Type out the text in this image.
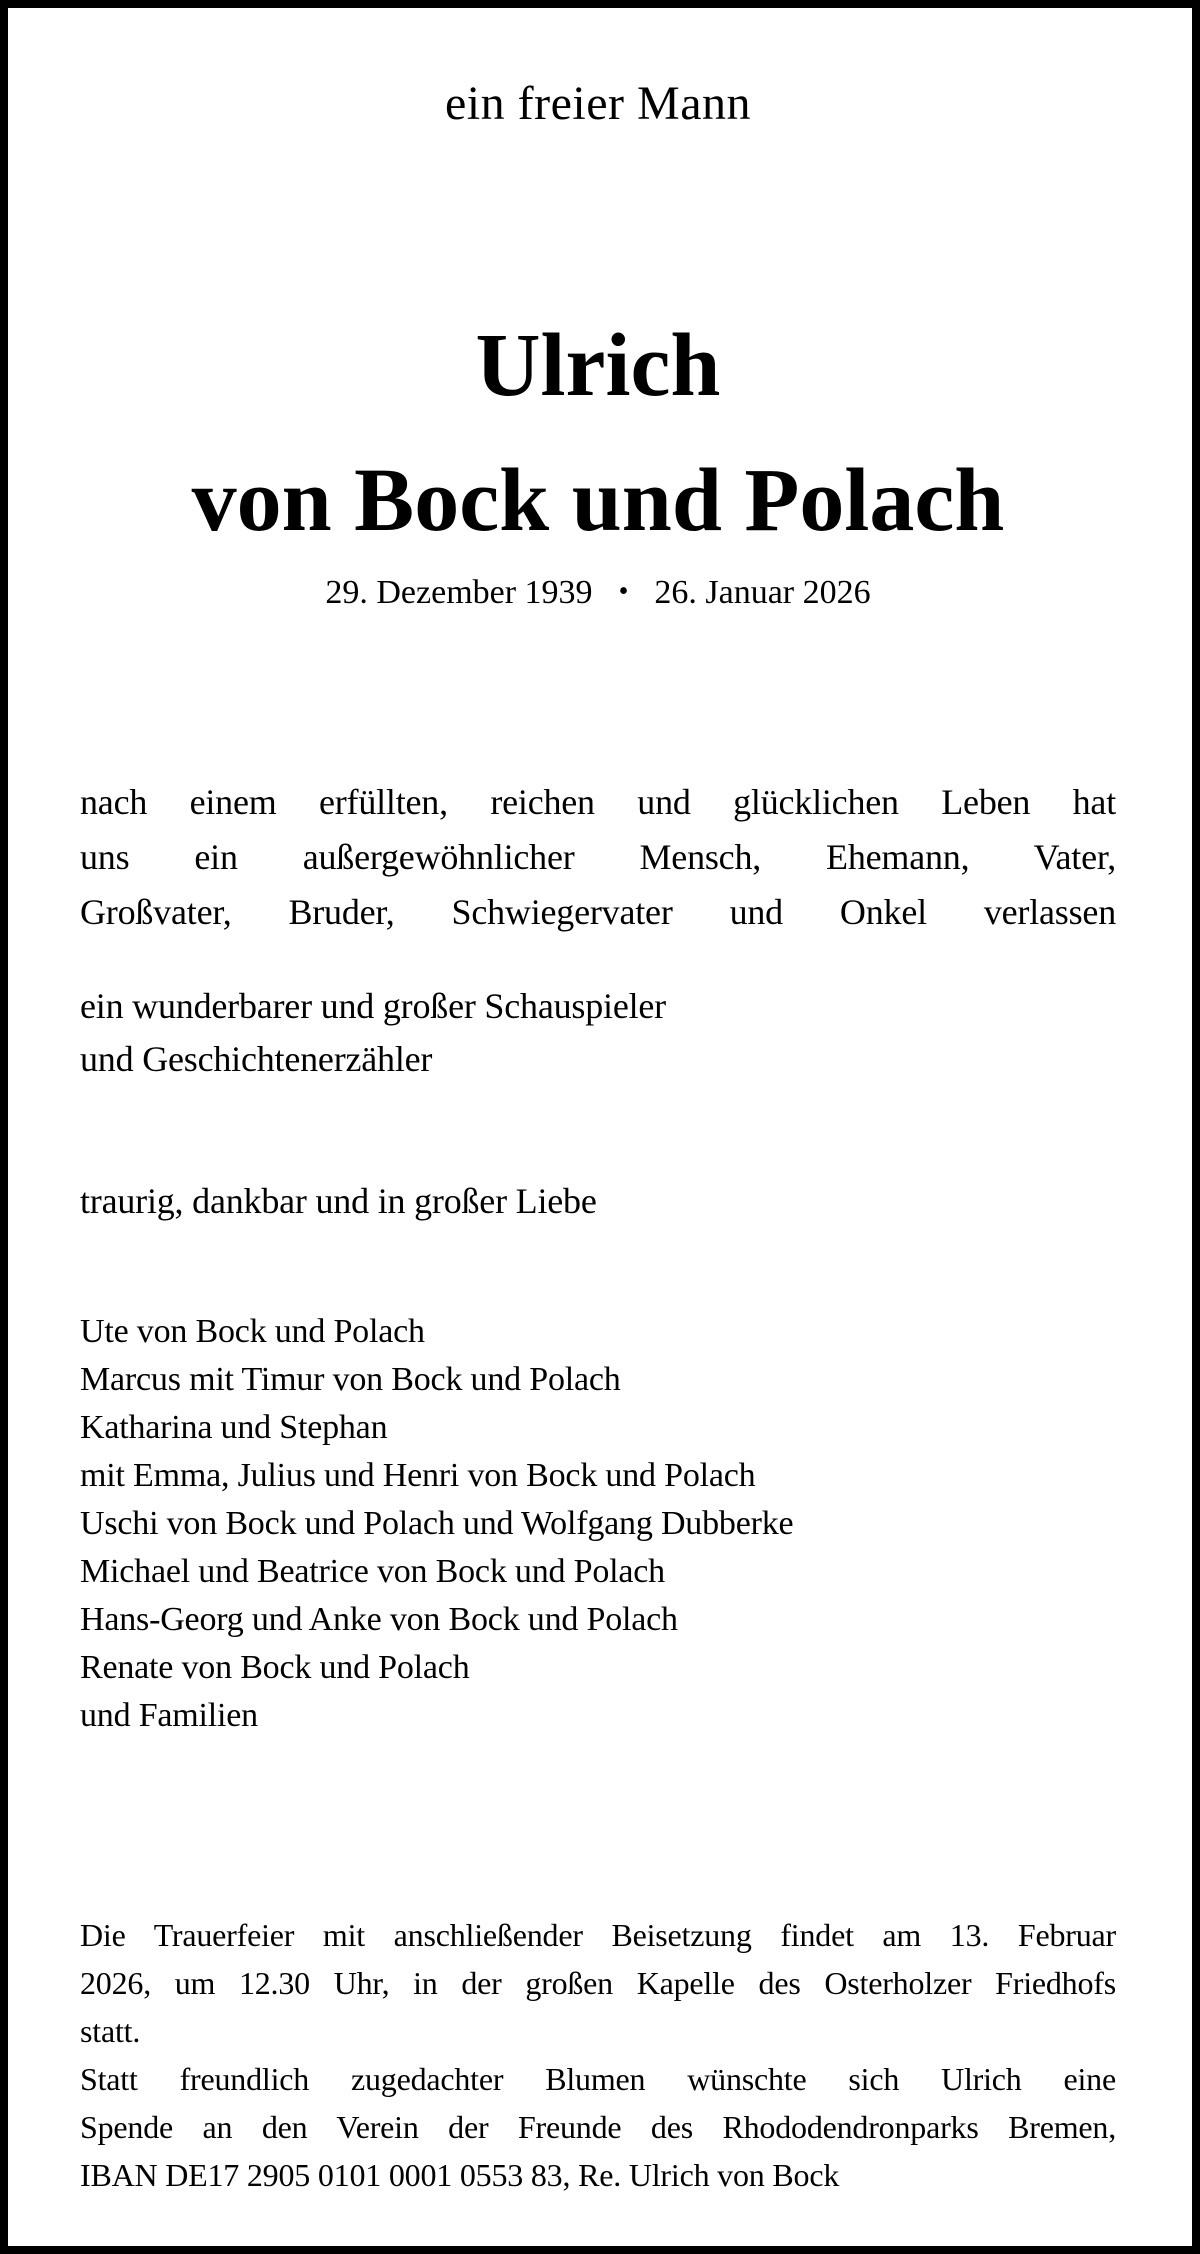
ein freier Mann
Ulrich
von Bock und Polach
29. Dezember 1939 • 26. Januar 2026
nach einem erfüllten, reichen und glücklichen Leben hat
uns ein außergewöhnlicher Mensch, Ehemann, Vater,
Großvater, Bruder, Schwiegervater und Onkel verlassen
ein wunderbarer und großer Schauspieler
und Geschichtenerzähler
traurig, dankbar und in großer Liebe
Ute von Bock und Polach
Marcus mit Timur von Bock und Polach
Katharina und Stephan
mit Emma, Julius und Henri von Bock und Polach
Uschi von Bock und Polach und Wolfgang Dubberke
Michael und Beatrice von Bock und Polach
Hans-Georg und Anke von Bock und Polach
Renate von Bock und Polach
und Familien
Die Trauerfeier mit anschließender Beisetzung findet am 13. Februar
2026, um 12.30 Uhr, in der großen Kapelle des Osterholzer Friedhofs
statt.
Statt freundlich zugedachter Blumen wünschte sich Ulrich eine
Spende an den Verein der Freunde des Rhododendronparks Bremen,
IBAN DE17 2905 0101 0001 0553 83, Re. Ulrich von Bock
